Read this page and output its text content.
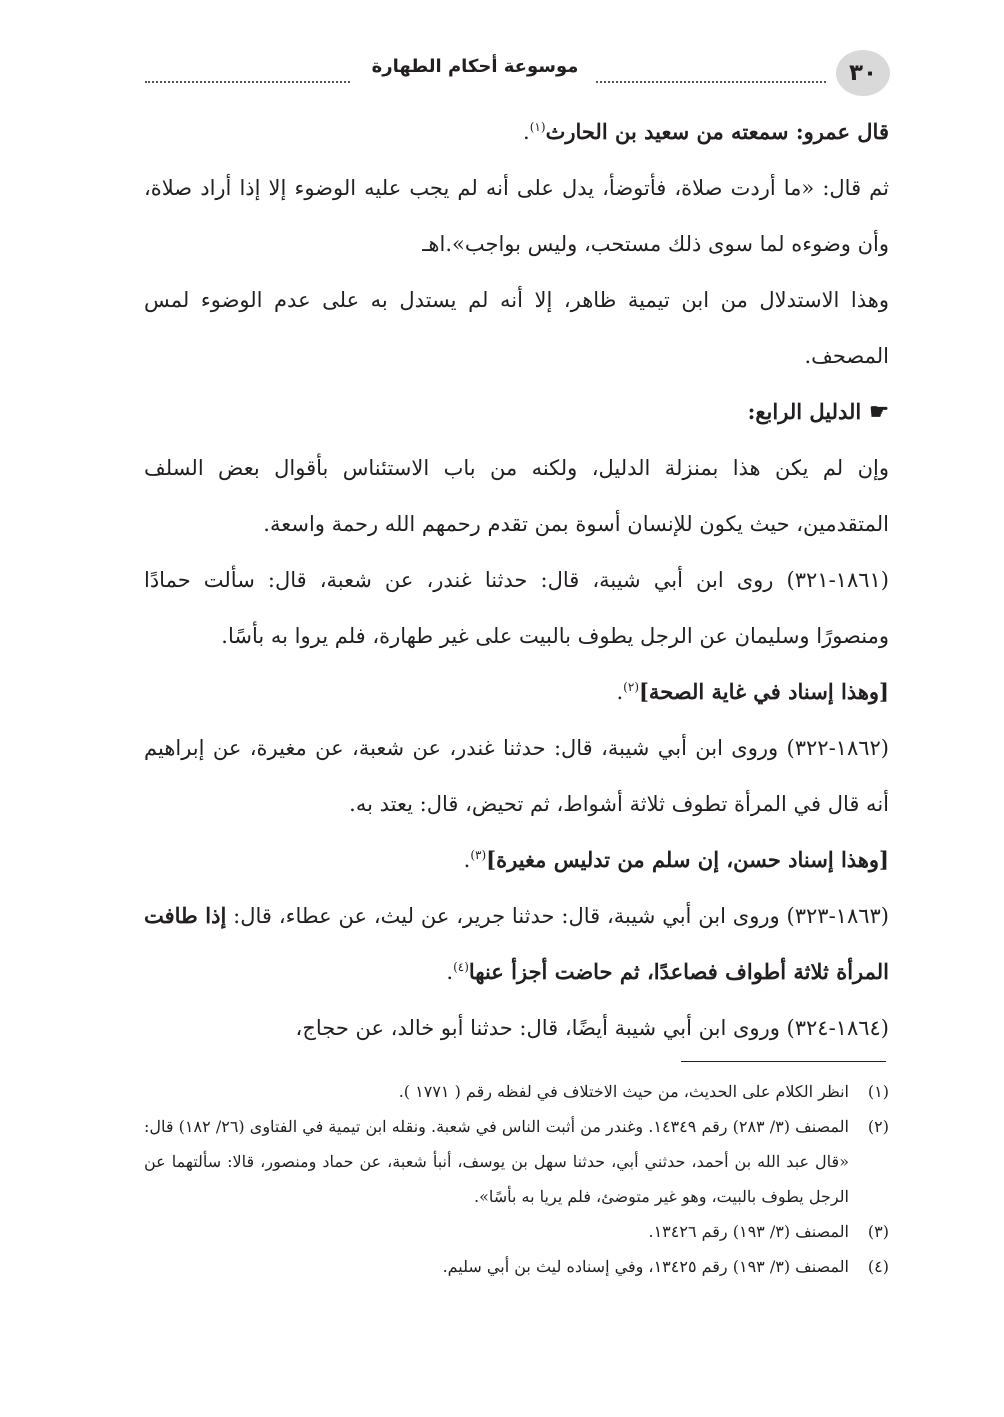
٣٠
موسوعة أحكام الطهارة

قال عمرو: سمعته من سعيد بن الحارث$^{(١)}$.

ثم قال: «ما أردت صلاة، فأتوضأ، يدل على أنه لم يجب عليه الوضوء إلا إذا أراد صلاة، وأن وضوءه لما سوى ذلك مستحب، وليس بواجب».اهـ

وهذا الاستدلال من ابن تيمية ظاهر، إلا أنه لم يستدل به على عدم الوضوء لمس المصحف.

☛الدليل الرابع:

وإن لم يكن هذا بمنزلة الدليل، ولكنه من باب الاستئناس بأقوال بعض السلف المتقدمين، حيث يكون للإنسان أسوة بمن تقدم رحمهم الله رحمة واسعة.

(١٨٦١-٣٢١) روى ابن أبي شيبة، قال: حدثنا غندر، عن شعبة، قال: سألت حمادًا ومنصورًا وسليمان عن الرجل يطوف بالبيت على غير طهارة، فلم يروا به بأسًا.

[وهذا إسناد في غاية الصحة]$^{(٢)}$.

(١٨٦٢-٣٢٢) وروى ابن أبي شيبة، قال: حدثنا غندر، عن شعبة، عن مغيرة، عن إبراهيم أنه قال في المرأة تطوف ثلاثة أشواط، ثم تحيض، قال: يعتد به.

[وهذا إسناد حسن، إن سلم من تدليس مغيرة]$^{(٣)}$.

(١٨٦٣-٣٢٣) وروى ابن أبي شيبة، قال: حدثنا جرير، عن ليث، عن عطاء، قال: إذا طافت المرأة ثلاثة أطواف فصاعدًا، ثم حاضت أجزأ عنها$^{(٤)}$.

(١٨٦٤-٣٢٤) وروى ابن أبي شيبة أيضًا، قال: حدثنا أبو خالد، عن حجاج،

(١)
انظر الكلام على الحديث، من حيث الاختلاف في لفظه رقم ( ١٧٧١ ).

(٢)
المصنف (٣/ ٢٨٣) رقم ١٤٣٤٩. وغندر من أثبت الناس في شعبة. ونقله ابن تيمية في الفتاوى (٢٦/ ١٨٢) قال: «قال عبد الله بن أحمد، حدثني أبي، حدثنا سهل بن يوسف، أنبأ شعبة، عن حماد ومنصور، قالا: سألتهما عن الرجل يطوف بالبيت، وهو غير متوضئ، فلم يريا به بأسًا».

(٣)
المصنف (٣/ ١٩٣) رقم ١٣٤٢٦.

(٤)
المصنف (٣/ ١٩٣) رقم ١٣٤٢٥، وفي إسناده ليث بن أبي سليم.
